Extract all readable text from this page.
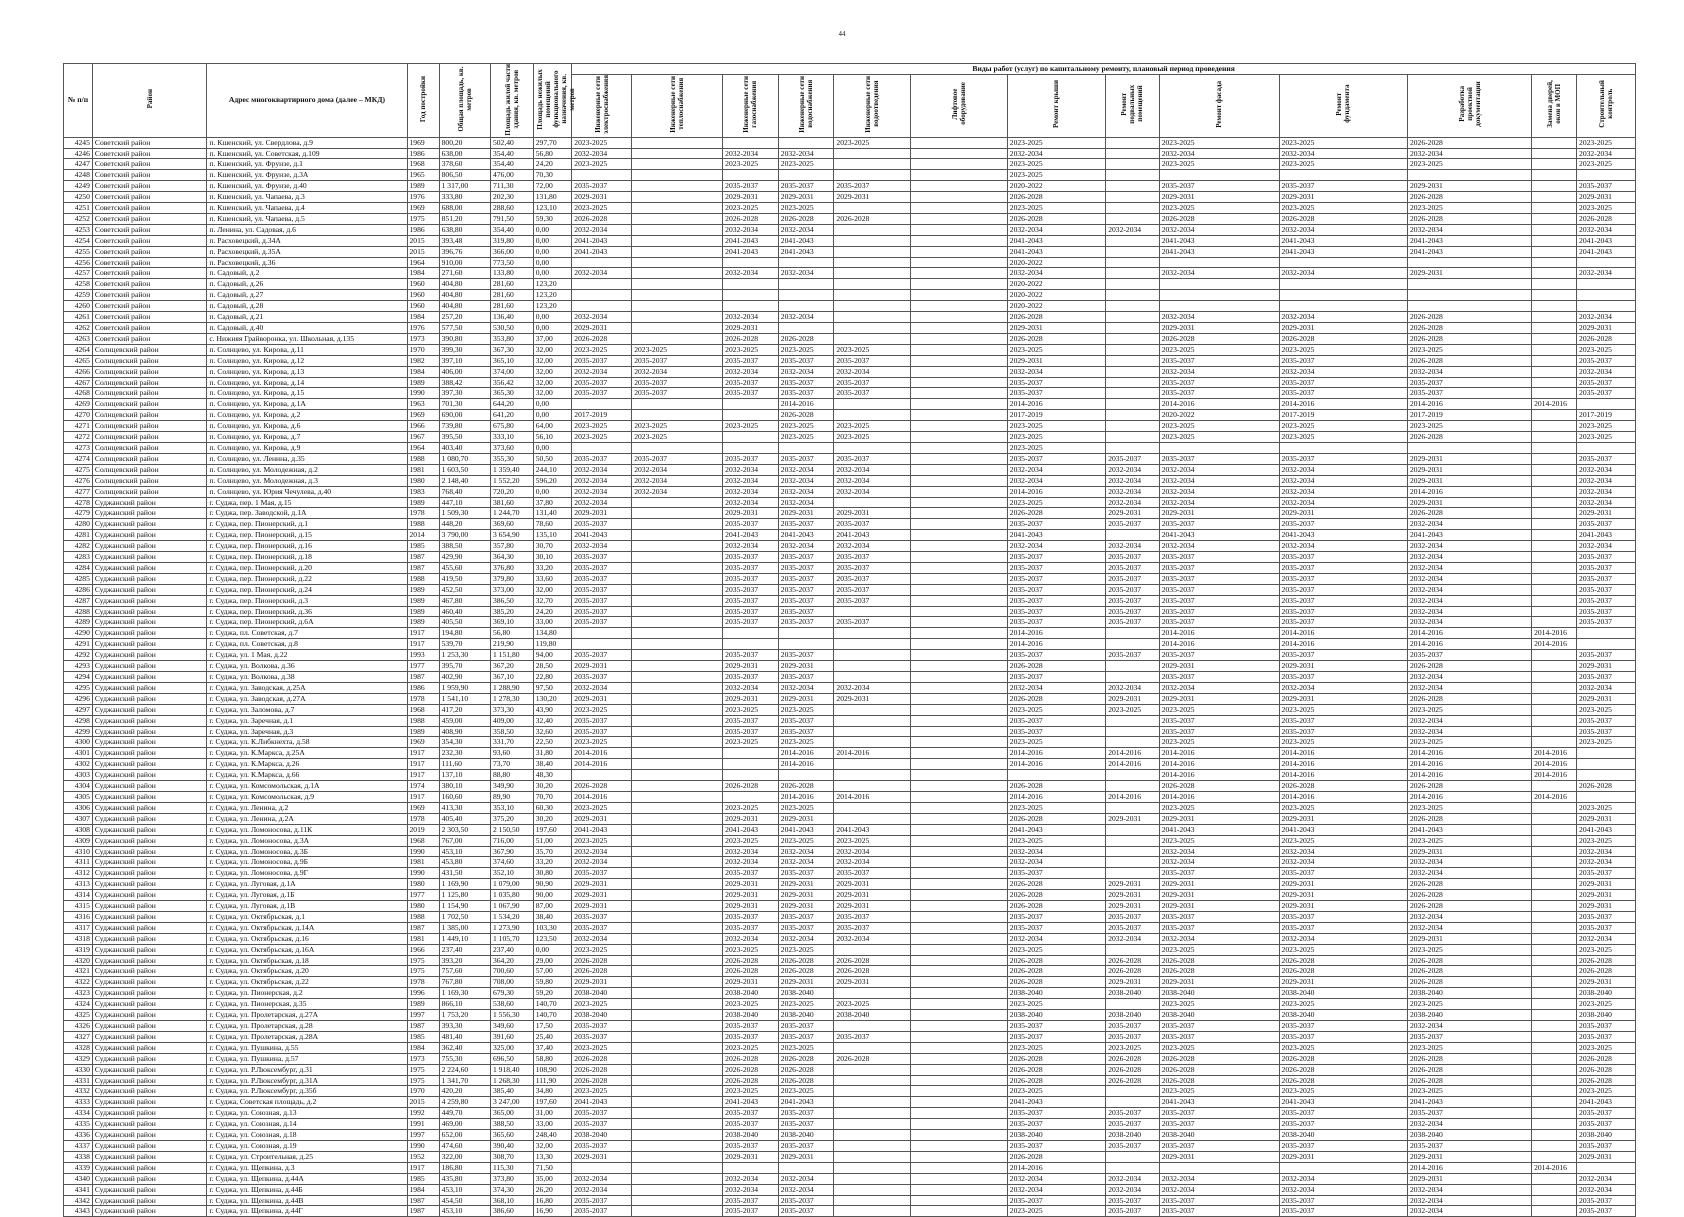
44
№ п/п	Район	Адрес многоквартирного дома (далее – МКД)	Год постройки	Общая площадь, кв. метров	Площадь жилой части здания, кв. метров	Площадь нежилых помещений функционального назначения, кв. метров	Виды работ (услуг) по капитальному ремонту, плановый период проведения												
							Инженерные сети электроснабжения	Инженерные сети теплоснабжения	Инженерные сети газоснабжения	Инженерные сети водоснабжения	Инженерные сети водоотведения	Лифтовое оборудование	Ремонт крыши	Ремонт подвальных помещений	Ремонт фасада	Ремонт фундамента	Разработка проектной документации	Замена дверей, окон в МОП	Строительный контроль
4245	Советский район	п. Кшенский, ул. Свердлова, д.9	1969	800,20	502,40	297,70	2023-2025				2023-2025		2023-2025		2023-2025	2023-2025	2026-2028		2023-2025
4246	Советский район	п. Кшенский, ул. Советская, д.109	1986	638,00	354,40	56,80	2032-2034		2032-2034	2032-2034			2032-2034		2032-2034	2032-2034	2032-2034		2032-2034
4247	Советский район	п. Кшенский, ул. Фрунзе, д.1	1968	378,60	354,40	24,20	2023-2025		2023-2025	2023-2025			2023-2025		2023-2025	2023-2025	2023-2025		2023-2025
4248	Советский район	п. Кшенский, ул. Фрунзе, д.3А	1965	806,50	476,00	70,30							2023-2025						
4249	Советский район	п. Кшенский, ул. Фрунзе, д.40	1989	1 317,00	711,30	72,00	2035-2037		2035-2037	2035-2037	2035-2037		2020-2022		2035-2037	2035-2037	2029-2031		2035-2037
4250	Советский район	п. Кшенский, ул. Чапаева, д.3	1976	333,80	202,30	131,80	2029-2031		2029-2031	2029-2031	2029-2031		2026-2028		2029-2031	2029-2031	2026-2028		2029-2031
4251	Советский район	п. Кшенский, ул. Чапаева, д.4	1969	688,00	288,60	123,10	2023-2025		2023-2025	2023-2025			2023-2025		2023-2025	2023-2025	2023-2025		2023-2025
4252	Советский район	п. Кшенский, ул. Чапаева, д.5	1975	851,20	791,50	59,30	2026-2028		2026-2028	2026-2028	2026-2028		2026-2028		2026-2028	2026-2028	2026-2028		2026-2028
4253	Советский район	п. Ленина, ул. Садовая, д.6	1986	638,80	354,40	0,00	2032-2034		2032-2034	2032-2034			2032-2034	2032-2034	2032-2034	2032-2034	2032-2034		2032-2034
4254	Советский район	п. Расховецкий, д.34А	2015	393,48	319,80	0,00	2041-2043		2041-2043	2041-2043			2041-2043		2041-2043	2041-2043	2041-2043		2041-2043
4255	Советский район	п. Расховецкий, д.35А	2015	396,76	366,00	0,00	2041-2043		2041-2043	2041-2043			2041-2043		2041-2043	2041-2043	2041-2043		2041-2043
4256	Советский район	п. Расховецкий, д.36	1964	910,00	773,50	0,00							2020-2022						
4257	Советский район	п. Садовый, д.2	1984	271,60	133,80	0,00	2032-2034		2032-2034	2032-2034			2032-2034		2032-2034	2032-2034	2029-2031		2032-2034
4258	Советский район	п. Садовый, д.26	1960	404,80	281,60	123,20							2020-2022						
4259	Советский район	п. Садовый, д.27	1960	404,80	281,60	123,20							2020-2022						
4260	Советский район	п. Садовый, д.28	1960	404,80	281,60	123,20							2020-2022						
4261	Советский район	п. Садовый, д.21	1984	257,20	136,40	0,00	2032-2034		2032-2034	2032-2034			2026-2028		2032-2034	2032-2034	2026-2028		2032-2034
4262	Советский район	п. Садовый, д.40	1976	577,50	530,50	0,00	2029-2031		2029-2031				2029-2031		2029-2031	2029-2031	2026-2028		2029-2031
4263	Советский район	с. Нижняя Грайворонка, ул. Школьная, д.135	1973	390,80	353,80	37,00	2026-2028		2026-2028	2026-2028			2026-2028		2026-2028	2026-2028	2026-2028		2026-2028
4264	Солнцевский район	п. Солнцево, ул. Кирова, д.11	1970	399,30	367,30	32,00	2023-2025	2023-2025	2023-2025	2023-2025	2023-2025		2023-2025		2023-2025	2023-2025	2023-2025		2023-2025
4265	Солнцевский район	п. Солнцево, ул. Кирова, д.12	1982	397,10	365,10	32,00	2035-2037	2035-2037	2035-2037	2035-2037	2035-2037		2029-2031		2035-2037	2035-2037	2026-2028		2035-2037
4266	Солнцевский район	п. Солнцево, ул. Кирова, д.13	1984	406,00	374,00	32,00	2032-2034	2032-2034	2032-2034	2032-2034	2032-2034		2032-2034		2032-2034	2032-2034	2032-2034		2032-2034
4267	Солнцевский район	п. Солнцево, ул. Кирова, д.14	1989	388,42	356,42	32,00	2035-2037	2035-2037	2035-2037	2035-2037	2035-2037		2035-2037		2035-2037	2035-2037	2035-2037		2035-2037
4268	Солнцевский район	п. Солнцево, ул. Кирова, д.15	1990	397,30	365,30	32,00	2035-2037	2035-2037	2035-2037	2035-2037	2035-2037		2035-2037		2035-2037	2035-2037	2035-2037		2035-2037
4269	Солнцевский район	п. Солнцево, ул. Кирова, д.1А	1963	701,30	644,20	0,00				2014-2016			2014-2016		2014-2016	2014-2016	2014-2016	2014-2016	
4270	Солнцевский район	п. Солнцево, ул. Кирова, д.2	1969	690,00	641,20	0,00	2017-2019			2026-2028			2017-2019		2020-2022	2017-2019	2017-2019		2017-2019
4271	Солнцевский район	п. Солнцево, ул. Кирова, д.6	1966	739,80	675,80	64,00	2023-2025	2023-2025	2023-2025	2023-2025	2023-2025		2023-2025		2023-2025	2023-2025	2023-2025		2023-2025
4272	Солнцевский район	п. Солнцево, ул. Кирова, д.7	1967	395,50	333,10	56,10	2023-2025	2023-2025		2023-2025	2023-2025		2023-2025		2023-2025	2023-2025	2026-2028		2023-2025
4273	Солнцевский район	п. Солнцево, ул. Кирова, д.9	1964	403,40	373,60	0,00							2023-2025						
4274	Солнцевский район	п. Солнцево, ул. Ленина, д.35	1988	1 080,70	355,30	50,50	2035-2037	2035-2037	2035-2037	2035-2037	2035-2037		2035-2037	2035-2037	2035-2037	2035-2037	2029-2031		2035-2037
4275	Солнцевский район	п. Солнцево, ул. Молодежная, д.2	1981	1 603,50	1 359,40	244,10	2032-2034	2032-2034	2032-2034	2032-2034	2032-2034		2032-2034	2032-2034	2032-2034	2032-2034	2029-2031		2032-2034
4276	Солнцевский район	п. Солнцево, ул. Молодежная, д.3	1980	2 148,40	1 552,20	596,20	2032-2034	2032-2034	2032-2034	2032-2034	2032-2034		2032-2034	2032-2034	2032-2034	2032-2034	2029-2031		2032-2034
4277	Солнцевский район	п. Солнцево, ул. Юрия Чечулева, д.40	1983	768,40	720,20	0,00	2032-2034	2032-2034	2032-2034	2032-2034	2032-2034		2014-2016	2032-2034	2032-2034	2032-2034	2014-2016		2032-2034
4278	Суджанский район	г. Суджа, пер. 1 Мая, д.15	1989	447,10	381,60	37,80	2032-2034		2032-2034	2032-2034			2023-2025	2032-2034	2032-2034	2032-2034	2029-2031		2032-2034
4279	Суджанский район	г. Суджа, пер. Заводской, д.1А	1978	1 509,30	1 244,70	131,40	2029-2031		2029-2031	2029-2031	2029-2031		2026-2028	2029-2031	2029-2031	2029-2031	2026-2028		2029-2031
4280	Суджанский район	г. Суджа, пер. Пионерский, д.1	1988	448,20	369,60	78,60	2035-2037		2035-2037	2035-2037	2035-2037		2035-2037	2035-2037	2035-2037	2035-2037	2032-2034		2035-2037
4281	Суджанский район	г. Суджа, пер. Пионерский, д.15	2014	3 790,00	3 654,90	135,10	2041-2043		2041-2043	2041-2043	2041-2043		2041-2043		2041-2043	2041-2043	2041-2043		2041-2043
4282	Суджанский район	г. Суджа, пер. Пионерский, д.16	1985	388,50	357,80	30,70	2032-2034		2032-2034	2032-2034	2032-2034		2032-2034	2032-2034	2032-2034	2032-2034	2032-2034		2032-2034
4283	Суджанский район	г. Суджа, пер. Пионерский, д.18	1987	429,90	364,30	30,10	2035-2037		2035-2037	2035-2037	2035-2037		2035-2037	2035-2037	2035-2037	2035-2037	2032-2034		2035-2037
4284	Суджанский район	г. Суджа, пер. Пионерский, д.20	1987	455,60	376,80	33,20	2035-2037		2035-2037	2035-2037	2035-2037		2035-2037	2035-2037	2035-2037	2035-2037	2032-2034		2035-2037
4285	Суджанский район	г. Суджа, пер. Пионерский, д.22	1988	419,50	379,80	33,60	2035-2037		2035-2037	2035-2037	2035-2037		2035-2037	2035-2037	2035-2037	2035-2037	2032-2034		2035-2037
4286	Суджанский район	г. Суджа, пер. Пионерский, д.24	1989	452,50	373,00	32,00	2035-2037		2035-2037	2035-2037	2035-2037		2035-2037	2035-2037	2035-2037	2035-2037	2032-2034		2035-2037
4287	Суджанский район	г. Суджа, пер. Пионерский, д.3	1989	467,80	386,50	32,70	2035-2037		2035-2037	2035-2037	2035-2037		2035-2037	2035-2037	2035-2037	2035-2037	2032-2034		2035-2037
4288	Суджанский район	г. Суджа, пер. Пионерский, д.36	1989	460,40	385,20	24,20	2035-2037		2035-2037	2035-2037			2035-2037	2035-2037	2035-2037	2035-2037	2032-2034		2035-2037
4289	Суджанский район	г. Суджа, пер. Пионерский, д.6А	1989	405,50	369,10	33,00	2035-2037		2035-2037	2035-2037	2035-2037		2035-2037	2035-2037	2035-2037	2035-2037	2032-2034		2035-2037
4290	Суджанский район	г. Суджа, пл. Советская, д.7	1917	194,80	56,80	134,80							2014-2016		2014-2016	2014-2016	2014-2016	2014-2016	
4291	Суджанский район	г. Суджа, пл. Советская, д.8	1917	539,70	219,90	119,80							2014-2016		2014-2016	2014-2016	2014-2016	2014-2016	
4292	Суджанский район	г. Суджа, ул. 1 Мая, д.22	1993	1 253,30	1 151,80	94,00	2035-2037		2035-2037	2035-2037			2035-2037	2035-2037	2035-2037	2035-2037	2035-2037		2035-2037
4293	Суджанский район	г. Суджа, ул. Волкова, д.36	1977	395,70	367,20	28,50	2029-2031		2029-2031	2029-2031			2026-2028		2029-2031	2029-2031	2026-2028		2029-2031
4294	Суджанский район	г. Суджа, ул. Волкова, д.38	1987	402,90	367,10	22,80	2035-2037		2035-2037	2035-2037			2035-2037		2035-2037	2035-2037	2032-2034		2035-2037
4295	Суджанский район	г. Суджа, ул. Заводская, д.25А	1986	1 959,90	1 288,90	97,50	2032-2034		2032-2034	2032-2034	2032-2034		2032-2034	2032-2034	2032-2034	2032-2034	2032-2034		2032-2034
4296	Суджанский район	г. Суджа, ул. Заводская, д.27А	1978	1 541,10	1 278,30	130,20	2029-2031		2029-2031	2029-2031	2029-2031		2026-2028	2029-2031	2029-2031	2029-2031	2026-2028		2029-2031
4297	Суджанский район	г. Суджа, ул. Заломова, д.7	1968	417,20	373,30	43,90	2023-2025		2023-2025	2023-2025			2023-2025	2023-2025	2023-2025	2023-2025	2023-2025		2023-2025
4298	Суджанский район	г. Суджа, ул. Заречная, д.1	1988	459,00	409,00	32,40	2035-2037		2035-2037	2035-2037			2035-2037		2035-2037	2035-2037	2032-2034		2035-2037
4299	Суджанский район	г. Суджа, ул. Заречная, д.3	1989	408,90	358,50	32,60	2035-2037		2035-2037	2035-2037			2035-2037		2035-2037	2035-2037	2032-2034		2035-2037
4300	Суджанский район	г. Суджа, ул. К.Либкнехта, д.58	1969	354,30	331,70	22,50	2023-2025		2023-2025	2023-2025			2023-2025		2023-2025	2023-2025	2023-2025		2023-2025
4301	Суджанский район	г. Суджа, ул. К.Маркса, д.25А	1917	232,30	93,60	31,80	2014-2016			2014-2016	2014-2016		2014-2016	2014-2016	2014-2016	2014-2016	2014-2016	2014-2016	
4302	Суджанский район	г. Суджа, ул. К.Маркса, д.26	1917	111,60	73,70	38,40	2014-2016			2014-2016			2014-2016	2014-2016	2014-2016	2014-2016	2014-2016	2014-2016	
4303	Суджанский район	г. Суджа, ул. К.Маркса, д.66	1917	137,10	88,80	48,30									2014-2016	2014-2016	2014-2016	2014-2016	
4304	Суджанский район	г. Суджа, ул. Комсомольская, д.1А	1974	380,10	349,90	30,20	2026-2028		2026-2028	2026-2028			2026-2028		2026-2028	2026-2028	2026-2028		2026-2028
4305	Суджанский район	г. Суджа, ул. Комсомольская, д.9	1917	160,60	89,90	70,70	2014-2016			2014-2016	2014-2016		2014-2016	2014-2016	2014-2016	2014-2016	2014-2016	2014-2016	
4306	Суджанский район	г. Суджа, ул. Ленина, д.2	1969	413,30	353,10	60,30	2023-2025		2023-2025	2023-2025			2023-2025		2023-2025	2023-2025	2023-2025		2023-2025
4307	Суджанский район	г. Суджа, ул. Ленина, д.2А	1978	405,40	375,20	30,20	2029-2031		2029-2031	2029-2031			2026-2028	2029-2031	2029-2031	2029-2031	2026-2028		2029-2031
4308	Суджанский район	г. Суджа, ул. Ломоносова, д.11К	2019	2 303,50	2 150,50	197,60	2041-2043		2041-2043	2041-2043	2041-2043		2041-2043		2041-2043	2041-2043	2041-2043		2041-2043
4309	Суджанский район	г. Суджа, ул. Ломоносова, д.3А	1968	767,00	716,00	51,00	2023-2025		2023-2025	2023-2025	2023-2025		2023-2025		2023-2025	2023-2025	2023-2025		2023-2025
4310	Суджанский район	г. Суджа, ул. Ломоносова, д.3Б	1990	453,10	367,90	35,70	2032-2034		2032-2034	2032-2034	2032-2034		2032-2034		2032-2034	2032-2034	2029-2031		2032-2034
4311	Суджанский район	г. Суджа, ул. Ломоносова, д.9Б	1981	453,80	374,60	33,20	2032-2034		2032-2034	2032-2034	2032-2034		2032-2034		2032-2034	2032-2034	2032-2034		2032-2034
4312	Суджанский район	г. Суджа, ул. Ломоносова, д.9Г	1990	431,50	352,10	30,80	2035-2037		2035-2037	2035-2037	2035-2037		2035-2037		2035-2037	2035-2037	2032-2034		2035-2037
4313	Суджанский район	г. Суджа, ул. Луговая, д.1А	1980	1 169,90	1 079,00	90,90	2029-2031		2029-2031	2029-2031	2029-2031		2026-2028	2029-2031	2029-2031	2029-2031	2026-2028		2029-2031
4314	Суджанский район	г. Суджа, ул. Луговая, д.1Б	1977	1 125,80	1 035,80	90,00	2029-2031		2029-2031	2029-2031	2029-2031		2026-2028	2029-2031	2029-2031	2029-2031	2026-2028		2029-2031
4315	Суджанский район	г. Суджа, ул. Луговая, д.1В	1980	1 154,90	1 067,90	87,00	2029-2031		2029-2031	2029-2031	2029-2031		2026-2028	2029-2031	2029-2031	2029-2031	2026-2028		2029-2031
4316	Суджанский район	г. Суджа, ул. Октябрьская, д.1	1988	1 702,50	1 534,20	38,40	2035-2037		2035-2037	2035-2037	2035-2037		2035-2037	2035-2037	2035-2037	2035-2037	2032-2034		2035-2037
4317	Суджанский район	г. Суджа, ул. Октябрьская, д.14А	1987	1 385,00	1 273,90	103,30	2035-2037		2035-2037	2035-2037	2035-2037		2035-2037	2035-2037	2035-2037	2035-2037	2032-2034		2035-2037
4318	Суджанский район	г. Суджа, ул. Октябрьская, д.16	1981	1 449,10	1 105,70	123,50	2032-2034		2032-2034	2032-2034	2032-2034		2032-2034	2032-2034	2032-2034	2032-2034	2029-2031		2032-2034
4319	Суджанский район	г. Суджа, ул. Октябрьская, д.16А	1966	237,40	237,40	0,00	2023-2025		2023-2025	2023-2025			2023-2025		2023-2025	2023-2025	2023-2025		2023-2025
4320	Суджанский район	г. Суджа, ул. Октябрьская, д.18	1975	393,20	364,20	29,00	2026-2028		2026-2028	2026-2028	2026-2028		2026-2028	2026-2028	2026-2028	2026-2028	2026-2028		2026-2028
4321	Суджанский район	г. Суджа, ул. Октябрьская, д.20	1975	757,60	700,60	57,00	2026-2028		2026-2028	2026-2028	2026-2028		2026-2028	2026-2028	2026-2028	2026-2028	2026-2028		2026-2028
4322	Суджанский район	г. Суджа, ул. Октябрьская, д.22	1978	767,80	708,00	59,80	2029-2031		2029-2031	2029-2031	2029-2031		2026-2028	2029-2031	2029-2031	2029-2031	2026-2028		2029-2031
4323	Суджанский район	г. Суджа, ул. Пионерская, д.2	1996	1 169,30	679,30	59,20	2038-2040		2038-2040	2038-2040			2038-2040	2038-2040	2038-2040	2038-2040	2038-2040		2038-2040
4324	Суджанский район	г. Суджа, ул. Пионерская, д.35	1989	866,10	538,60	140,70	2023-2025		2023-2025	2023-2025	2023-2025		2023-2025		2023-2025	2023-2025	2023-2025		2023-2025
4325	Суджанский район	г. Суджа, ул. Пролетарская, д.27А	1997	1 753,20	1 556,30	140,70	2038-2040		2038-2040	2038-2040	2038-2040		2038-2040	2038-2040	2038-2040	2038-2040	2038-2040		2038-2040
4326	Суджанский район	г. Суджа, ул. Пролетарская, д.28	1987	393,30	349,60	17,50	2035-2037		2035-2037	2035-2037			2035-2037	2035-2037	2035-2037	2035-2037	2032-2034		2035-2037
4327	Суджанский район	г. Суджа, ул. Пролетарская, д.28А	1985	481,40	391,60	25,40	2035-2037		2035-2037	2035-2037	2035-2037		2035-2037	2035-2037	2035-2037	2035-2037	2035-2037		2035-2037
4328	Суджанский район	г. Суджа, ул. Пушкина, д.55	1984	362,40	325,00	37,40	2023-2025		2023-2025	2023-2025			2023-2025	2023-2025	2023-2025	2023-2025	2023-2025		2023-2025
4329	Суджанский район	г. Суджа, ул. Пушкина, д.57	1973	755,30	696,50	58,80	2026-2028		2026-2028	2026-2028	2026-2028		2026-2028	2026-2028	2026-2028	2026-2028	2026-2028		2026-2028
4330	Суджанский район	г. Суджа, ул. Р.Люксембург, д.31	1975	2 224,60	1 918,40	108,90	2026-2028		2026-2028	2026-2028			2026-2028	2026-2028	2026-2028	2026-2028	2026-2028		2026-2028
4331	Суджанский район	г. Суджа, ул. Р.Люксембург, д.31А	1975	1 341,70	1 268,30	111,90	2026-2028		2026-2028	2026-2028			2026-2028	2026-2028	2026-2028	2026-2028	2026-2028		2026-2028
4332	Суджанский район	г. Суджа, ул. Р.Люксембург, д.35б	1970	420,20	385,40	34,80	2023-2025		2023-2025	2023-2025			2023-2025		2023-2025	2023-2025	2023-2025		2023-2025
4333	Суджанский район	г. Суджа, Советская площадь, д.2	2015	4 259,80	3 247,00	197,60	2041-2043		2041-2043	2041-2043			2041-2043		2041-2043	2041-2043	2041-2043		2041-2043
4334	Суджанский район	г. Суджа, ул. Союзная, д.13	1992	449,70	365,00	31,00	2035-2037		2035-2037	2035-2037			2035-2037	2035-2037	2035-2037	2035-2037	2035-2037		2035-2037
4335	Суджанский район	г. Суджа, ул. Союзная, д.14	1991	469,00	388,50	33,00	2035-2037		2035-2037	2035-2037			2035-2037	2035-2037	2035-2037	2035-2037	2032-2034		2035-2037
4336	Суджанский район	г. Суджа, ул. Союзная, д.18	1997	652,00	365,60	248,40	2038-2040		2038-2040	2038-2040			2038-2040	2038-2040	2038-2040	2038-2040	2038-2040		2038-2040
4337	Суджанский район	г. Суджа, ул. Союзная, д.19	1990	474,60	390,40	32,00	2035-2037		2035-2037	2035-2037			2035-2037	2035-2037	2035-2037	2035-2037	2035-2037		2035-2037
4338	Суджанский район	г. Суджа, ул. Строительная, д.25	1952	322,00	308,70	13,30	2029-2031		2029-2031	2029-2031			2026-2028		2029-2031	2029-2031	2029-2031		2029-2031
4339	Суджанский район	г. Суджа, ул. Щепкина, д.3	1917	186,80	115,30	71,50							2014-2016				2014-2016	2014-2016	
4340	Суджанский район	г. Суджа, ул. Щепкина, д.44А	1985	435,80	373,80	35,00	2032-2034		2032-2034	2032-2034			2032-2034	2032-2034	2032-2034	2032-2034	2029-2031		2032-2034
4341	Суджанский район	г. Суджа, ул. Щепкина, д.44Б	1984	453,10	374,30	26,20	2032-2034		2032-2034	2032-2034			2032-2034	2032-2034	2032-2034	2032-2034	2032-2034		2032-2034
4342	Суджанский район	г. Суджа, ул. Щепкина, д.44В	1987	454,50	368,10	16,80	2035-2037		2035-2037	2035-2037			2035-2037	2035-2037	2035-2037	2035-2037	2032-2034		2035-2037
4343	Суджанский район	г. Суджа, ул. Щепкина, д.44Г	1987	453,10	386,60	16,90	2035-2037		2035-2037	2035-2037			2023-2025	2035-2037	2035-2037	2035-2037	2032-2034		2035-2037
